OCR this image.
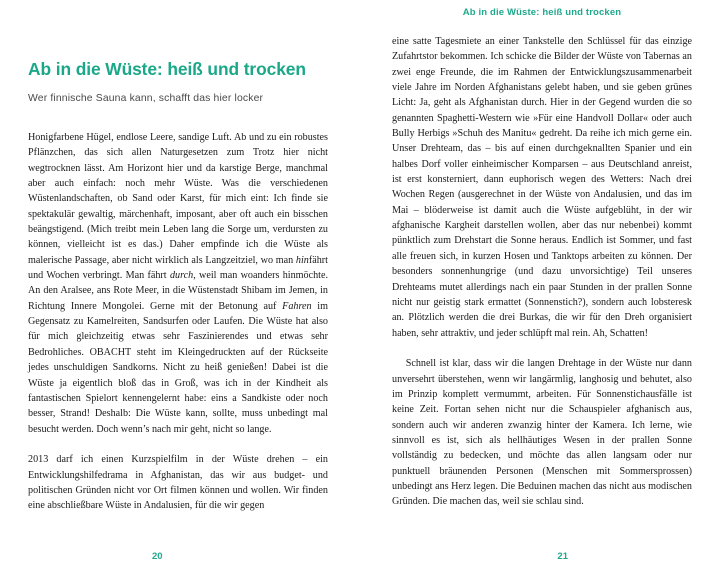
Ab in die Wüste: heiß und trocken
Wer finnische Sauna kann, schafft das hier locker

Honigfarbene Hügel, endlose Leere, sandige Luft. Ab und zu ein robustes Pflänzchen, das sich allen Naturgesetzen zum Trotz hier nicht wegtrocknen lässt. Am Horizont hier und da karstige Berge, manchmal aber auch einfach: noch mehr Wüste. Was die verschiedenen Wüstenlandschaften, ob Sand oder Karst, für mich eint: Ich finde sie spektakulär gewaltig, märchenhaft, imposant, aber oft auch ein bisschen beängstigend. (Mich treibt mein Leben lang die Sorge um, verdursten zu können, vielleicht ist es das.) Daher empfinde ich die Wüste als malerische Passage, aber nicht wirklich als Langzeitziel, wo man hinfährt und Wochen verbringt. Man fährt durch, weil man woanders hinmöchte. An den Aralsee, ans Rote Meer, in die Wüstenstadt Shibam im Jemen, in Richtung Innere Mongolei. Gerne mit der Betonung auf Fahren im Gegensatz zu Kamelreiten, Sandsurfen oder Laufen. Die Wüste hat also für mich gleichzeitig etwas sehr Faszinierendes und etwas sehr Bedrohliches. OBACHT steht im Kleingedruckten auf der Rückseite jedes unschuldigen Sandkorns. Nicht zu heiß genießen! Dabei ist die Wüste ja eigentlich bloß das in Groß, was ich in der Kindheit als fantastischen Spielort kennengelernt habe: eins a Sandkiste oder noch besser, Strand! Deshalb: Die Wüste kann, sollte, muss unbedingt mal besucht werden. Doch wenn’s nach mir geht, nicht so lange.

2013 darf ich einen Kurzspielfilm in der Wüste drehen – ein Entwicklungshilfedrama in Afghanistan, das wir aus budget- und politischen Gründen nicht vor Ort filmen können und wollen. Wir finden eine abschließbare Wüste in Andalusien, für die wir gegen

20
Ab in die Wüste: heiß und trocken

eine satte Tagesmiete an einer Tankstelle den Schlüssel für das einzige Zufahrtstor bekommen. Ich schicke die Bilder der Wüste von Tabernas an zwei enge Freunde, die im Rahmen der Entwicklungszusammenarbeit viele Jahre im Norden Afghanistans gelebt haben, und sie geben grünes Licht: Ja, geht als Afghanistan durch. Hier in der Gegend wurden die so genannten Spaghetti-Western wie »Für eine Handvoll Dollar« oder auch Bully Herbigs »Schuh des Manitu« gedreht. Da reihe ich mich gerne ein. Unser Drehteam, das – bis auf einen durchgeknallten Spanier und ein halbes Dorf voller einheimischer Komparsen – aus Deutschland anreist, ist erst konsterniert, dann euphorisch wegen des Wetters: Nach drei Wochen Regen (ausgerechnet in der Wüste von Andalusien, und das im Mai – blöderweise ist damit auch die Wüste aufgeblüht, in der wir afghanische Kargheit darstellen wollen, aber das nur nebenbei) kommt pünktlich zum Drehstart die Sonne heraus. Endlich ist Sommer, und fast alle freuen sich, in kurzen Hosen und Tanktops arbeiten zu können. Der besonders sonnenhungrige (und dazu unvorsichtige) Teil unseres Drehteams mutet allerdings nach ein paar Stunden in der prallen Sonne nicht nur geistig stark ermattet (Sonnenstich?), sondern auch lobsteresk an. Plötzlich werden die drei Burkas, die wir für den Dreh organisiert haben, sehr attraktiv, und jeder schlüpft mal rein. Ah, Schatten!

Schnell ist klar, dass wir die langen Drehtage in der Wüste nur dann unversehrt überstehen, wenn wir langärmlig, langhosig und behutet, also im Prinzip komplett vermummt, arbeiten. Für Sonnenstichausfälle ist keine Zeit. Fortan sehen nicht nur die Schauspieler afghanisch aus, sondern auch wir anderen zwanzig hinter der Kamera. Ich lerne, wie sinnvoll es ist, sich als hellhäutiges Wesen in der prallen Sonne vollständig zu bedecken, und möchte das allen langsam oder nur punktuell bräunenden Personen (Menschen mit Sommersprossen) unbedingt ans Herz legen. Die Beduinen machen das nicht aus modischen Gründen. Die machen das, weil sie schlau sind.

21
